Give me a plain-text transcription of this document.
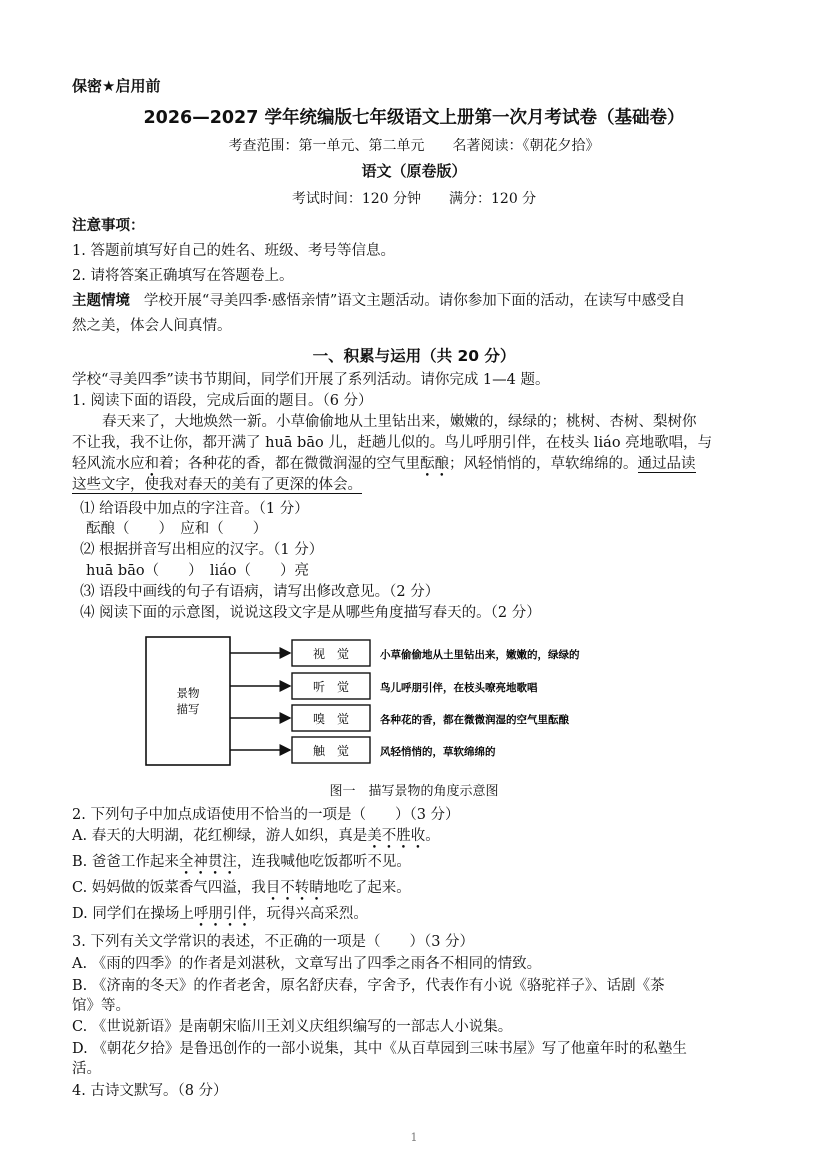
保密★启用前
2026—2027 学年统编版七年级语文上册第一次月考试卷（基础卷）
考查范围：第一单元、第二单元　　名著阅读：《朝花夕拾》
语文（原卷版）
考试时间：120 分钟　　满分：120 分
注意事项：
1. 答题前填写好自己的姓名、班级、考号等信息。
2. 请将答案正确填写在答题卷上。
主题情境 学校开展“寻美四季·感悟亲情”语文主题活动。请你参加下面的活动，在读写中感受自
然之美，体会人间真情。
一、积累与运用（共 20 分）
学校“寻美四季”读书节期间，同学们开展了系列活动。请你完成 1—4 题。
1. 阅读下面的语段，完成后面的题目。（6 分）
春天来了，大地焕然一新。小草偷偷地从土里钻出来，嫩嫩的，绿绿的；桃树、杏树、梨树你
不让我，我不让你，都开满了 huā bāo 儿，赶趟儿似的。鸟儿呼朋引伴，在枝头 liáo 亮地歌唱，与
轻风流水应和着；各种花的香，都在微微润湿的空气里酝酿；风轻悄悄的，草软绵绵的。通过品读
这些文字，使我对春天的美有了更深的体会。
⑴ 给语段中加点的字注音。（1 分）
酝酿（　　）　应和（　　）
⑵ 根据拼音写出相应的汉字。（1 分）
huā bāo（　　）　liáo（　　）亮
⑶ 语段中画线的句子有语病，请写出修改意见。（2 分）
⑷ 阅读下面的示意图，说说这段文字是从哪些角度描写春天的。（2 分）
景物
描写
视　觉
听　觉
嗅　觉
触　觉
小草偷偷地从土里钻出来，嫩嫩的，绿绿的
鸟儿呼朋引伴，在枝头嘹亮地歌唱
各种花的香，都在微微润湿的空气里酝酿
风轻悄悄的，草软绵绵的
图一　描写景物的角度示意图
2. 下列句子中加点成语使用不恰当的一项是（　　）（3 分）
A. 春天的大明湖，花红柳绿，游人如织，真是美不胜收。
B. 爸爸工作起来全神贯注，连我喊他吃饭都听不见。
C. 妈妈做的饭菜香气四溢，我目不转睛地吃了起来。
D. 同学们在操场上呼朋引伴，玩得兴高采烈。
3. 下列有关文学常识的表述，不正确的一项是（　　）（3 分）
A. 《雨的四季》的作者是刘湛秋，文章写出了四季之雨各不相同的情致。
B. 《济南的冬天》的作者老舍，原名舒庆春，字舍予，代表作有小说《骆驼祥子》、话剧《茶
馆》等。
C. 《世说新语》是南朝宋临川王刘义庆组织编写的一部志人小说集。
D. 《朝花夕拾》是鲁迅创作的一部小说集，其中《从百草园到三味书屋》写了他童年时的私塾生
活。
4. 古诗文默写。（8 分）
1
